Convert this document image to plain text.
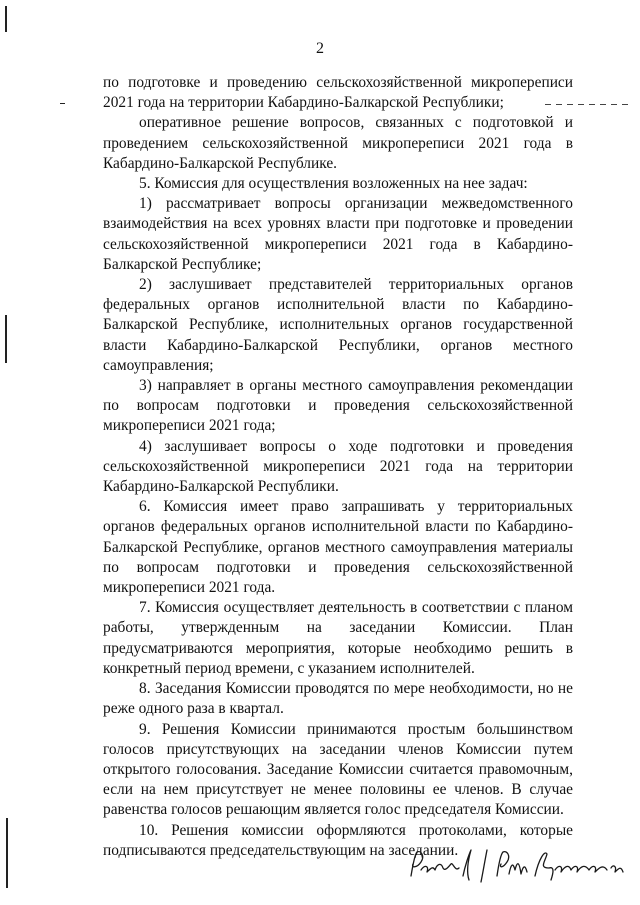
2

по подготовке и проведению сельскохозяйственной микропереписи 2021 года на территории Кабардино-Балкарской Республики;

оперативное решение вопросов, связанных с подготовкой и проведением сельскохозяйственной микропереписи 2021 года в Кабардино-Балкарской Республике.

5. Комиссия для осуществления возложенных на нее задач:

1) рассматривает вопросы организации межведомственного взаимодействия на всех уровнях власти при подготовке и проведении сельскохозяйственной микропереписи 2021 года в Кабардино-Балкарской Республике;

2) заслушивает представителей территориальных органов федеральных органов исполнительной власти по Кабардино-Балкарской Республике, исполнительных органов государственной власти Кабардино-Балкарской Республики, органов местного самоуправления;

3) направляет в органы местного самоуправления рекомендации по вопросам подготовки и проведения сельскохозяйственной микропереписи 2021 года;

4) заслушивает вопросы о ходе подготовки и проведения сельскохозяйственной микропереписи 2021 года на территории Кабардино-Балкарской Республики.

6. Комиссия имеет право запрашивать у территориальных органов федеральных органов исполнительной власти по Кабардино-Балкарской Республике, органов местного самоуправления материалы по вопросам подготовки и проведения сельскохозяйственной микропереписи 2021 года.

7. Комиссия осуществляет деятельность в соответствии с планом работы, утвержденным на заседании Комиссии. План предусматриваются мероприятия, которые необходимо решить в конкретный период времени, с указанием исполнителей.

8. Заседания Комиссии проводятся по мере необходимости, но не реже одного раза в квартал.

9. Решения Комиссии принимаются простым большинством голосов присутствующих на заседании членов Комиссии путем открытого голосования. Заседание Комиссии считается правомочным, если на нем присутствует не менее половины ее членов. В случае равенства голосов решающим является голос председателя Комиссии.

10. Решения комиссии оформляются протоколами, которые подписываются председательствующим на заседании.
